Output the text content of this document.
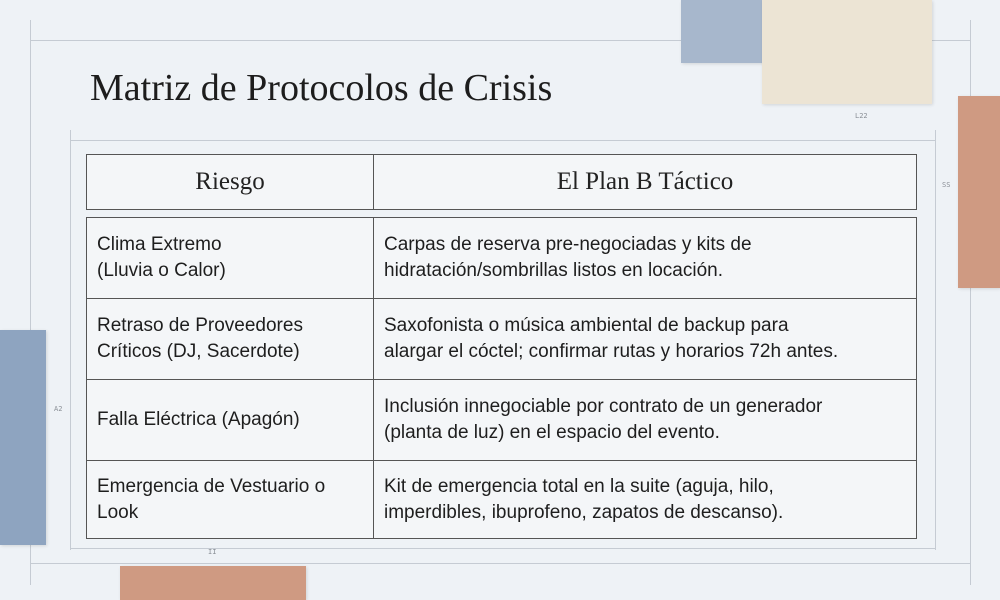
L22
SS
A2
II
Matriz de Protocolos de Crisis
Riesgo	El Plan B Táctico
Clima Extremo
(Lluvia o Calor)
Carpas de reserva pre-negociadas y kits de
hidratación/sombrillas listos en locación.
Retraso de Proveedores
Críticos (DJ, Sacerdote)
Saxofonista o música ambiental de backup para
alargar el cóctel; confirmar rutas y horarios 72h antes.
Falla Eléctrica (Apagón)
Inclusión innegociable por contrato de un generador
(planta de luz) en el espacio del evento.
Emergencia de Vestuario o
Look
Kit de emergencia total en la suite (aguja, hilo,
imperdibles, ibuprofeno, zapatos de descanso).
